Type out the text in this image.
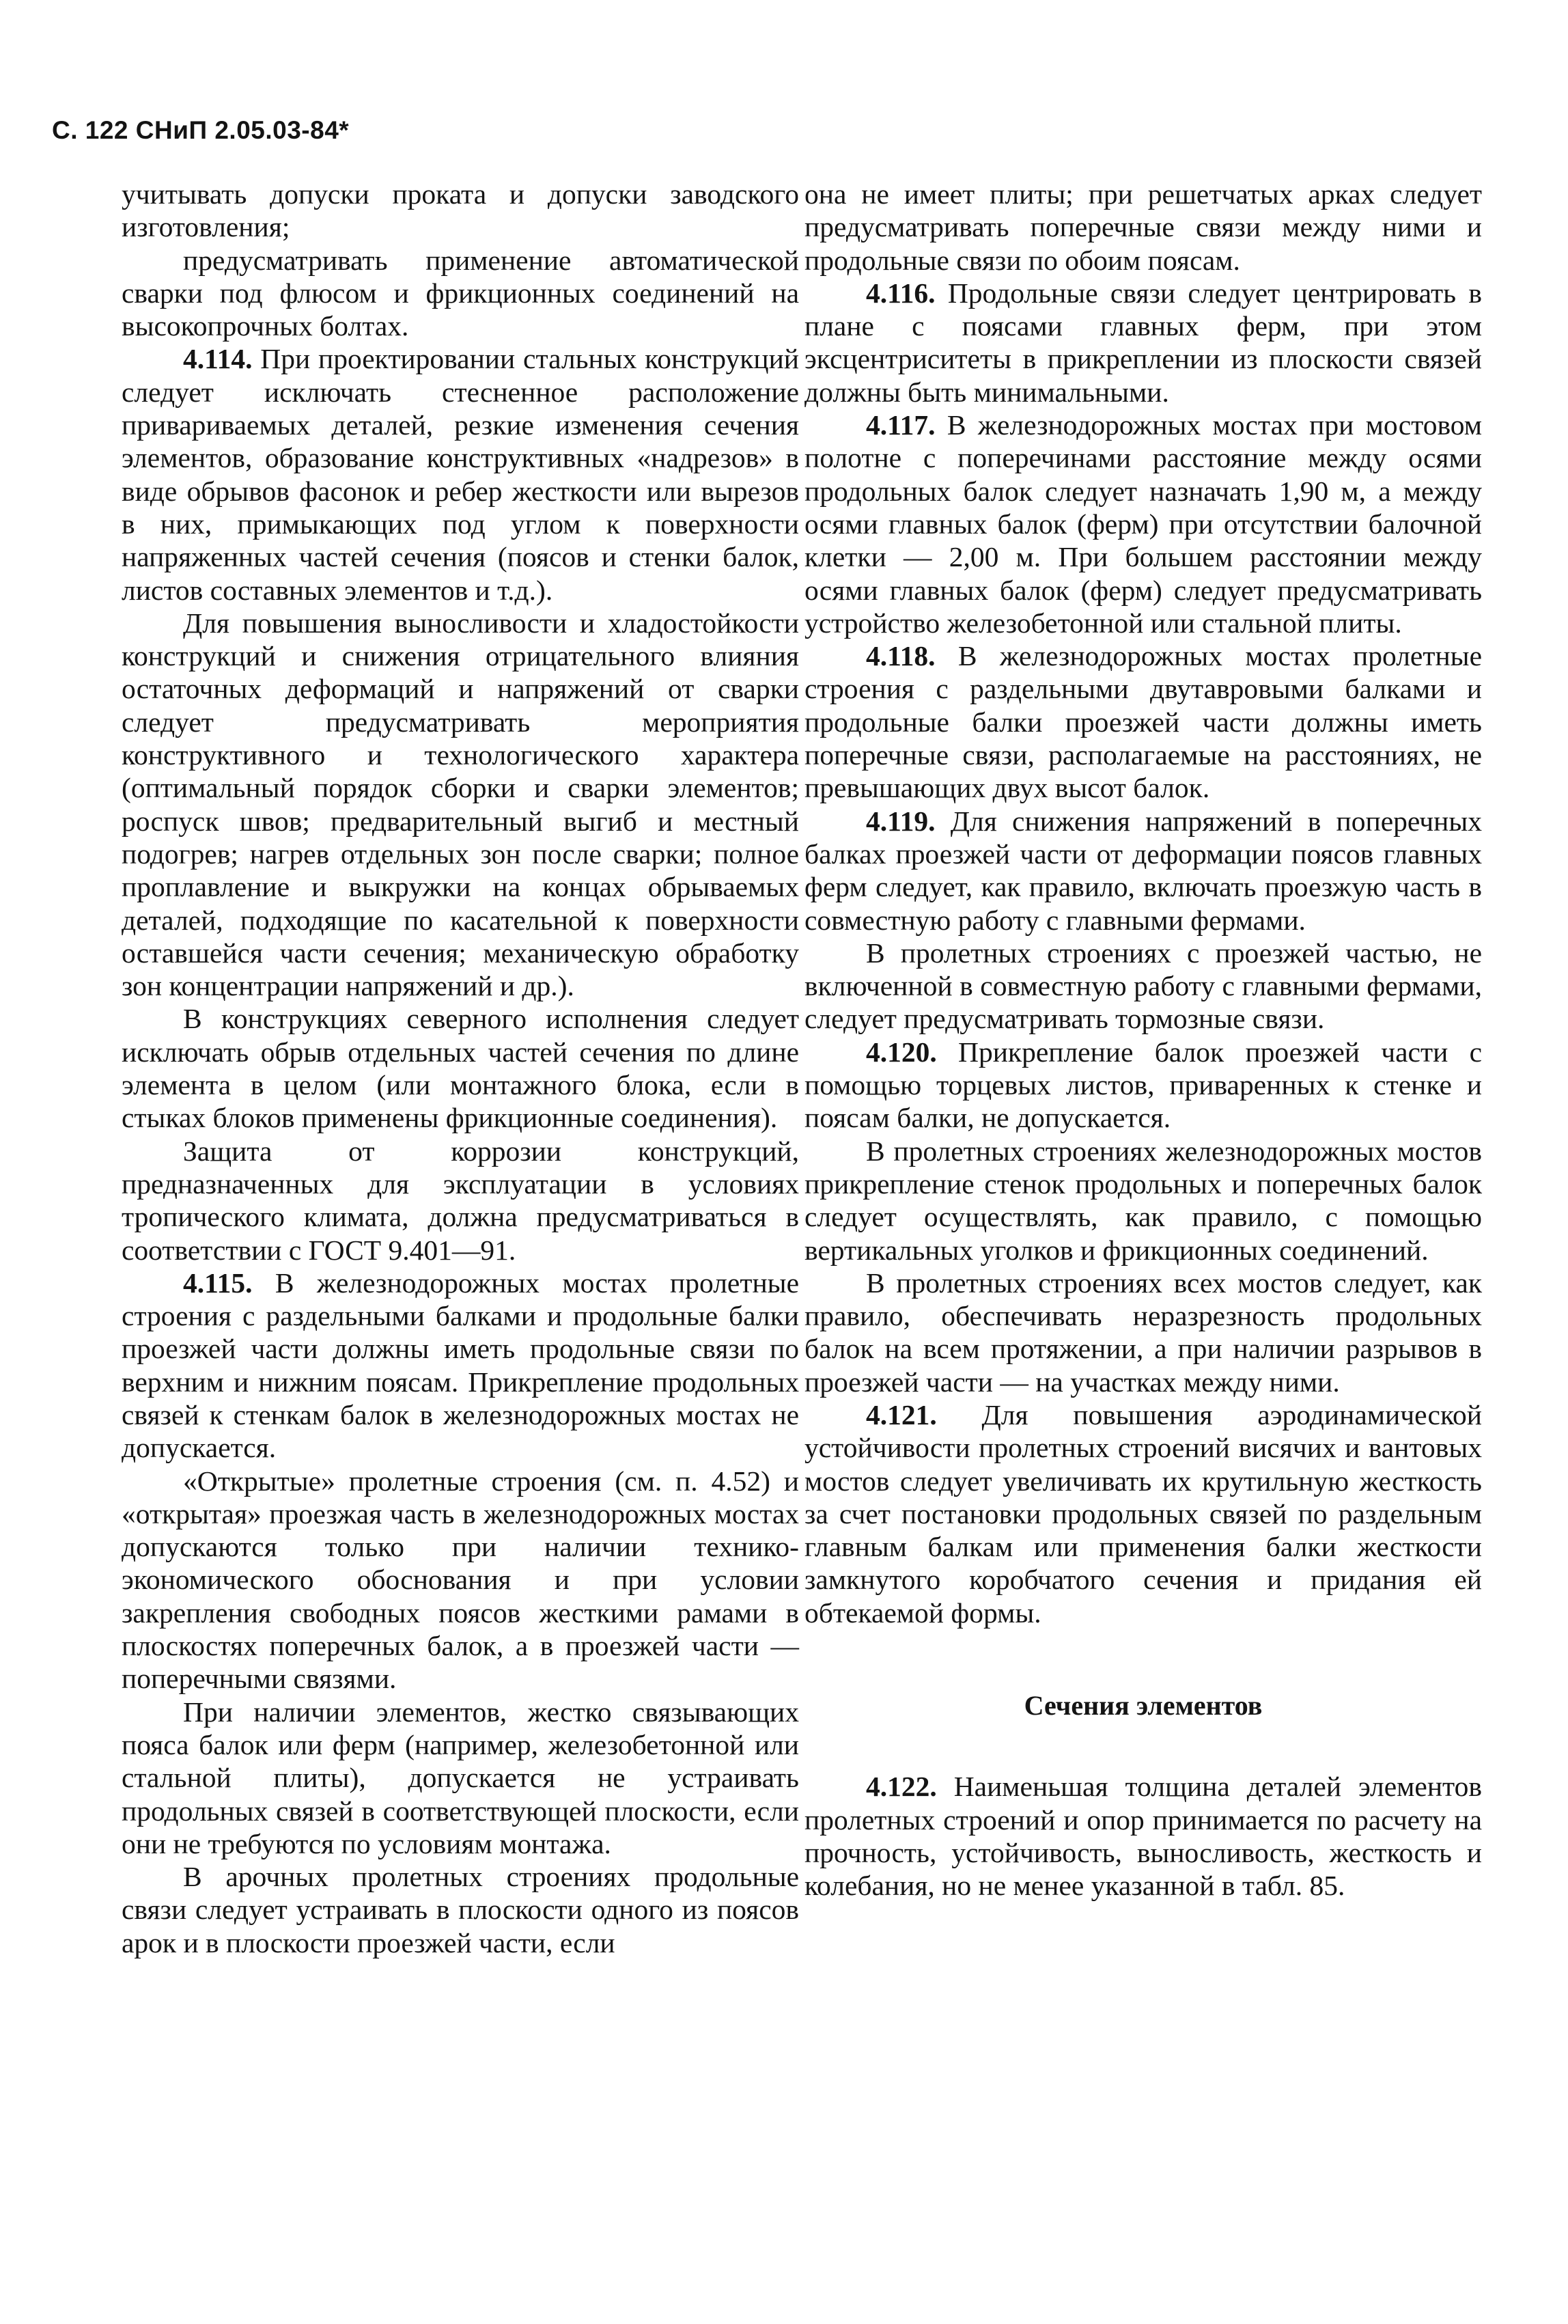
С. 122 СНиП 2.05.03-84*

учитывать допуски проката и допуски заводского изготовления;

предусматривать применение автоматической сварки под флюсом и фрикционных соединений на высокопрочных болтах.

4.114. При проектировании стальных конструкций следует исключать стесненное расположение привариваемых деталей, резкие изменения сечения элементов, образование конструктивных «надрезов» в виде обрывов фасонок и ребер жесткости или вырезов в них, примыкающих под углом к поверхности напряженных частей сечения (поясов и стенки балок, листов составных элементов и т.д.).

Для повышения выносливости и хладостойкости конструкций и снижения отрицательного влияния остаточных деформаций и напряжений от сварки следует предусматривать мероприятия конструктивного и технологического характера (оптимальный порядок сборки и сварки элементов; роспуск швов; предварительный выгиб и местный подогрев; нагрев отдельных зон после сварки; полное проплавление и выкружки на концах обрываемых деталей, подходящие по касательной к поверхности оставшейся части сечения; механическую обработку зон концентрации напряжений и др.).

В конструкциях северного исполнения следует исключать обрыв отдельных частей сечения по длине элемента в целом (или монтажного блока, если в стыках блоков применены фрикционные соединения).

Защита от коррозии конструкций, предназначенных для эксплуатации в условиях тропического климата, должна предусматриваться в соответствии с ГОСТ 9.401—91.

4.115. В железнодорожных мостах пролетные строения с раздельными балками и продольные балки проезжей части должны иметь продольные связи по верхним и нижним поясам. Прикрепление продольных связей к стенкам балок в железнодорожных мостах не допускается.

«Открытые» пролетные строения (см. п. 4.52) и «открытая» проезжая часть в железнодорожных мостах допускаются только при наличии технико-экономического обоснования и при условии закрепления свободных поясов жесткими рамами в плоскостях поперечных балок, а в проезжей части — поперечными связями.

При наличии элементов, жестко связывающих пояса балок или ферм (например, железобетонной или стальной плиты), допускается не устраивать продольных связей в соответствующей плоскости, если они не требуются по условиям монтажа.

В арочных пролетных строениях продольные связи следует устраивать в плоскости одного из поясов арок и в плоскости проезжей части, если

она не имеет плиты; при решетчатых арках следует предусматривать поперечные связи между ними и продольные связи по обоим поясам.

4.116. Продольные связи следует центрировать в плане с поясами главных ферм, при этом эксцентриситеты в прикреплении из плоскости связей должны быть минимальными.

4.117. В железнодорожных мостах при мостовом полотне с поперечинами расстояние между осями продольных балок следует назначать 1,90 м, а между осями главных балок (ферм) при отсутствии балочной клетки — 2,00 м. При большем расстоянии между осями главных балок (ферм) следует предусматривать устройство железобетонной или стальной плиты.

4.118. В железнодорожных мостах пролетные строения с раздельными двутавровыми балками и продольные балки проезжей части должны иметь поперечные связи, располагаемые на расстояниях, не превышающих двух высот балок.

4.119. Для снижения напряжений в поперечных балках проезжей части от деформации поясов главных ферм следует, как правило, включать проезжую часть в совместную работу с главными фермами.

В пролетных строениях с проезжей частью, не включенной в совместную работу с главными фермами, следует предусматривать тормозные связи.

4.120. Прикрепление балок проезжей части с помощью торцевых листов, приваренных к стенке и поясам балки, не допускается.

В пролетных строениях железнодорожных мостов прикрепление стенок продольных и поперечных балок следует осуществлять, как правило, с помощью вертикальных уголков и фрикционных соединений.

В пролетных строениях всех мостов следует, как правило, обеспечивать неразрезность продольных балок на всем протяжении, а при наличии разрывов в проезжей части — на участках между ними.

4.121. Для повышения аэродинамической устойчивости пролетных строений висячих и вантовых мостов следует увеличивать их крутильную жесткость за счет постановки продольных связей по раздельным главным балкам или применения балки жесткости замкнутого коробчатого сечения и придания ей обтекаемой формы.

Сечения элементов

4.122. Наименьшая толщина деталей элементов пролетных строений и опор принимается по расчету на прочность, устойчивость, выносливость, жесткость и колебания, но не менее указанной в табл. 85.
